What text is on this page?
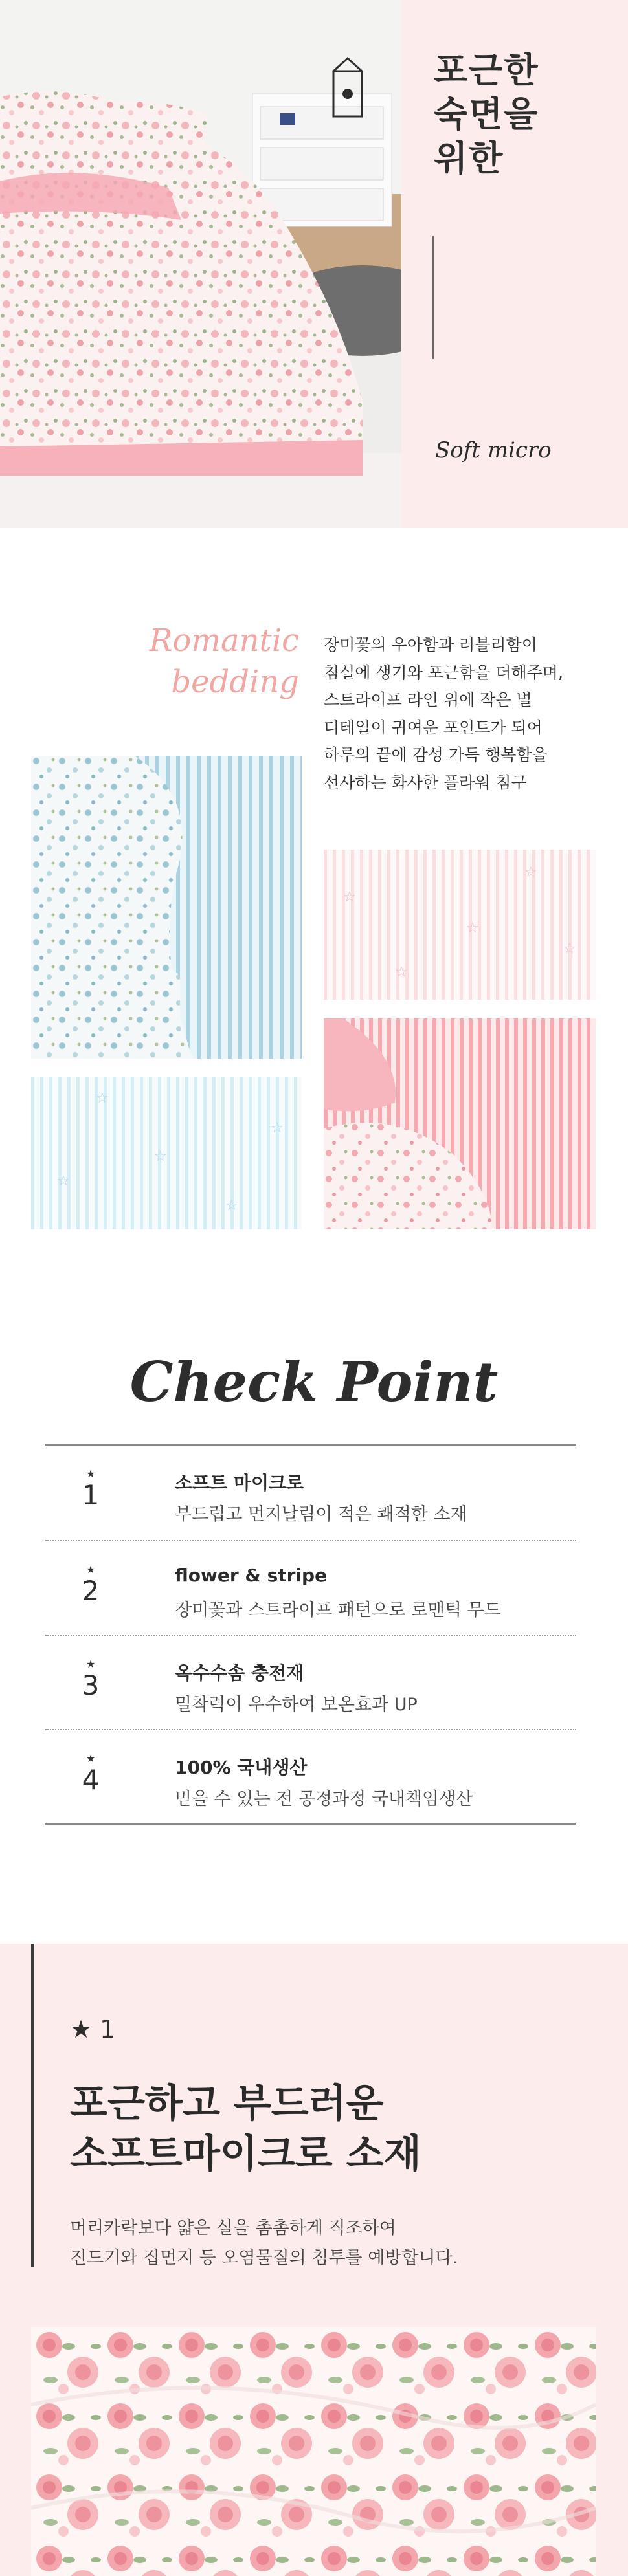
포근한
숙면을
위한
Soft micro
Romantic
bedding
장미꽃의 우아함과 러블리함이
침실에 생기와 포근함을 더해주며,
스트라이프 라인 위에 작은 별
디테일이 귀여운 포인트가 되어
하루의 끝에 감성 가득 행복함을
선사하는 화사한 플라워 침구
☆
☆
☆
☆
☆
☆
☆
☆
☆
☆
Check Point
★
1	소프트 마이크로
부드럽고 먼지날림이 적은 쾌적한 소재
★
2	flower & stripe
장미꽃과 스트라이프 패턴으로 로맨틱 무드
★
3	옥수수솜 충전재
밀착력이 우수하여 보온효과 UP
★
4	100% 국내생산
믿을 수 있는 전 공정과정 국내책임생산
★ 1
포근하고 부드러운
소프트마이크로 소재
머리카락보다 얇은 실을 촘촘하게 직조하여
진드기와 집먼지 등 오염물질의 침투를 예방합니다.
